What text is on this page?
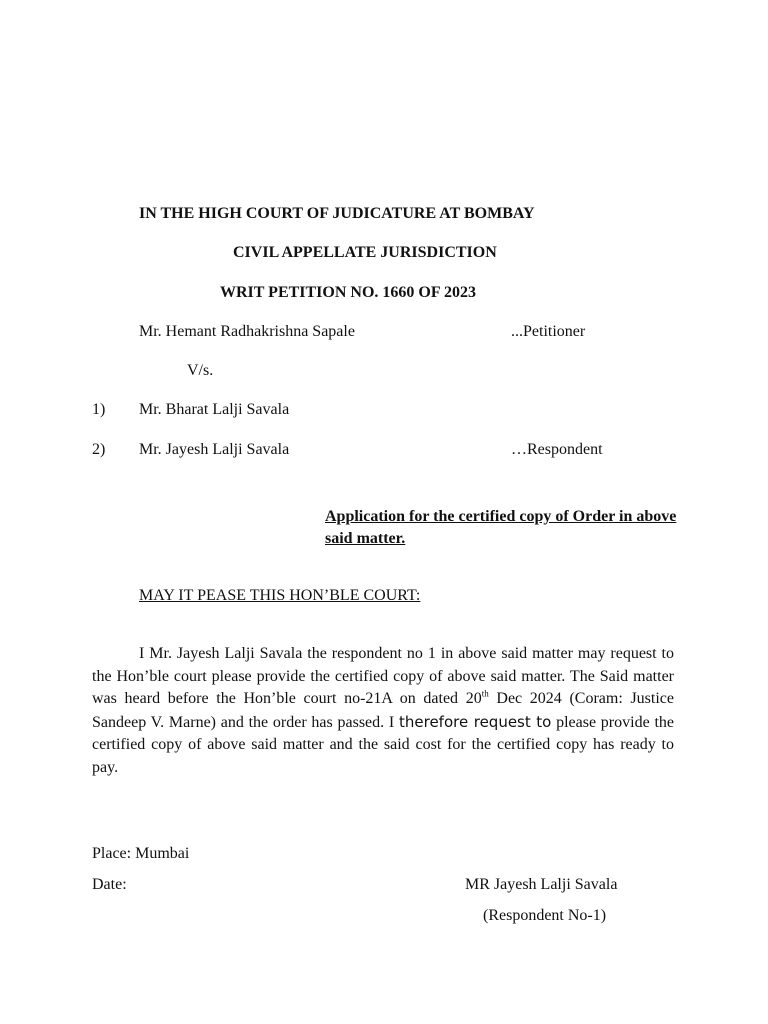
IN THE HIGH COURT OF JUDICATURE AT BOMBAY
CIVIL APPELLATE JURISDICTION
WRIT PETITION NO. 1660 OF 2023
Mr. Hemant Radhakrishna Sapale	...Petitioner
V/s.
1) Mr. Bharat Lalji Savala
2) Mr. Jayesh Lalji Savala	…Respondent
Application for the certified copy of Order in above said matter.
MAY IT PEASE THIS HON’BLE COURT:

I Mr. Jayesh Lalji Savala the respondent no 1 in above said matter may request to the Hon’ble court please provide the certified copy of above said matter. The Said matter was heard before the Hon’ble court no-21A on dated 20th Dec 2024 (Coram: Justice Sandeep V. Marne) and the order has passed. I therefore request to please provide the certified copy of above said matter and the said cost for the certified copy has ready to pay.

Place: Mumbai
Date:	MR Jayesh Lalji Savala
(Respondent No-1)
